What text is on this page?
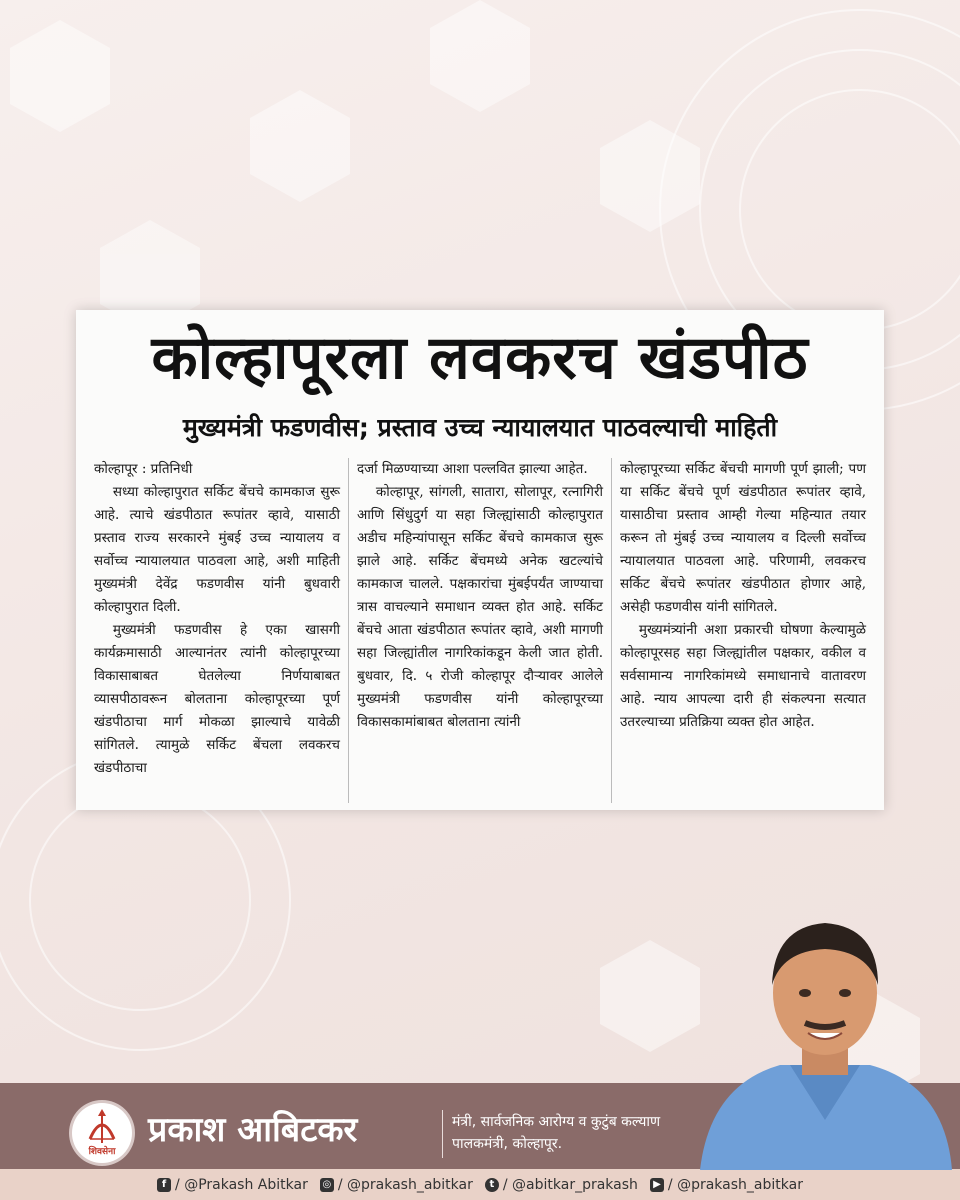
कोल्हापूरला लवकरच खंडपीठ
मुख्यमंत्री फडणवीस; प्रस्ताव उच्च न्यायालयात पाठवल्याची माहिती

कोल्हापूर : प्रतिनिधी

सध्या कोल्हापुरात सर्किट बेंचचे कामकाज सुरू आहे. त्याचे खंडपीठात रूपांतर व्हावे, यासाठी प्रस्ताव राज्य सरकारने मुंबई उच्च न्यायालय व सर्वोच्च न्यायालयात पाठवला आहे, अशी माहिती मुख्यमंत्री देवेंद्र फडणवीस यांनी बुधवारी कोल्हापुरात दिली.

मुख्यमंत्री फडणवीस हे एका खासगी कार्यक्रमासाठी आल्यानंतर त्यांनी कोल्हापूरच्या विकासाबाबत घेतलेल्या निर्णयाबाबत व्यासपीठावरून बोलताना कोल्हापूरच्या पूर्ण खंडपीठाचा मार्ग मोकळा झाल्याचे यावेळी सांगितले. त्यामुळे सर्किट बेंचला लवकरच खंडपीठाचा

दर्जा मिळण्याच्या आशा पल्लवित झाल्या आहेत.

कोल्हापूर, सांगली, सातारा, सोलापूर, रत्नागिरी आणि सिंधुदुर्ग या सहा जिल्ह्यांसाठी कोल्हापुरात अडीच महिन्यांपासून सर्किट बेंचचे कामकाज सुरू झाले आहे. सर्किट बेंचमध्ये अनेक खटल्यांचे कामकाज चालले. पक्षकारांचा मुंबईपर्यंत जाण्याचा त्रास वाचल्याने समाधान व्यक्त होत आहे. सर्किट बेंचचे आता खंडपीठात रूपांतर व्हावे, अशी मागणी सहा जिल्ह्यांतील नागरिकांकडून केली जात होती. बुधवार, दि. ५ रोजी कोल्हापूर दौऱ्यावर आलेले मुख्यमंत्री फडणवीस यांनी कोल्हापूरच्या विकासकामांबाबत बोलताना त्यांनी

कोल्हापूरच्या सर्किट बेंचची मागणी पूर्ण झाली; पण या सर्किट बेंचचे पूर्ण खंडपीठात रूपांतर व्हावे, यासाठीचा प्रस्ताव आम्ही गेल्या महिन्यात तयार करून तो मुंबई उच्च न्यायालय व दिल्ली सर्वोच्च न्यायालयात पाठवला आहे. परिणामी, लवकरच सर्किट बेंचचे रूपांतर खंडपीठात होणार आहे, असेही फडणवीस यांनी सांगितले.

मुख्यमंत्र्यांनी अशा प्रकारची घोषणा केल्यामुळे कोल्हापूरसह सहा जिल्ह्यांतील पक्षकार, वकील व सर्वसामान्य नागरिकांमध्ये समाधानाचे वातावरण आहे. न्याय आपल्या दारी ही संकल्पना सत्यात उतरल्याच्या प्रतिक्रिया व्यक्त होत आहेत.

शिवसेना
प्रकाश आबिटकर	मंत्री, सार्वजनिक आरोग्य व कुटुंब कल्याण
पालकमंत्री, कोल्हापूर.
f / @Prakash Abitkar ◎ / @prakash_abitkar	t / @abitkar_prakash	▶ / @prakash_abitkar
